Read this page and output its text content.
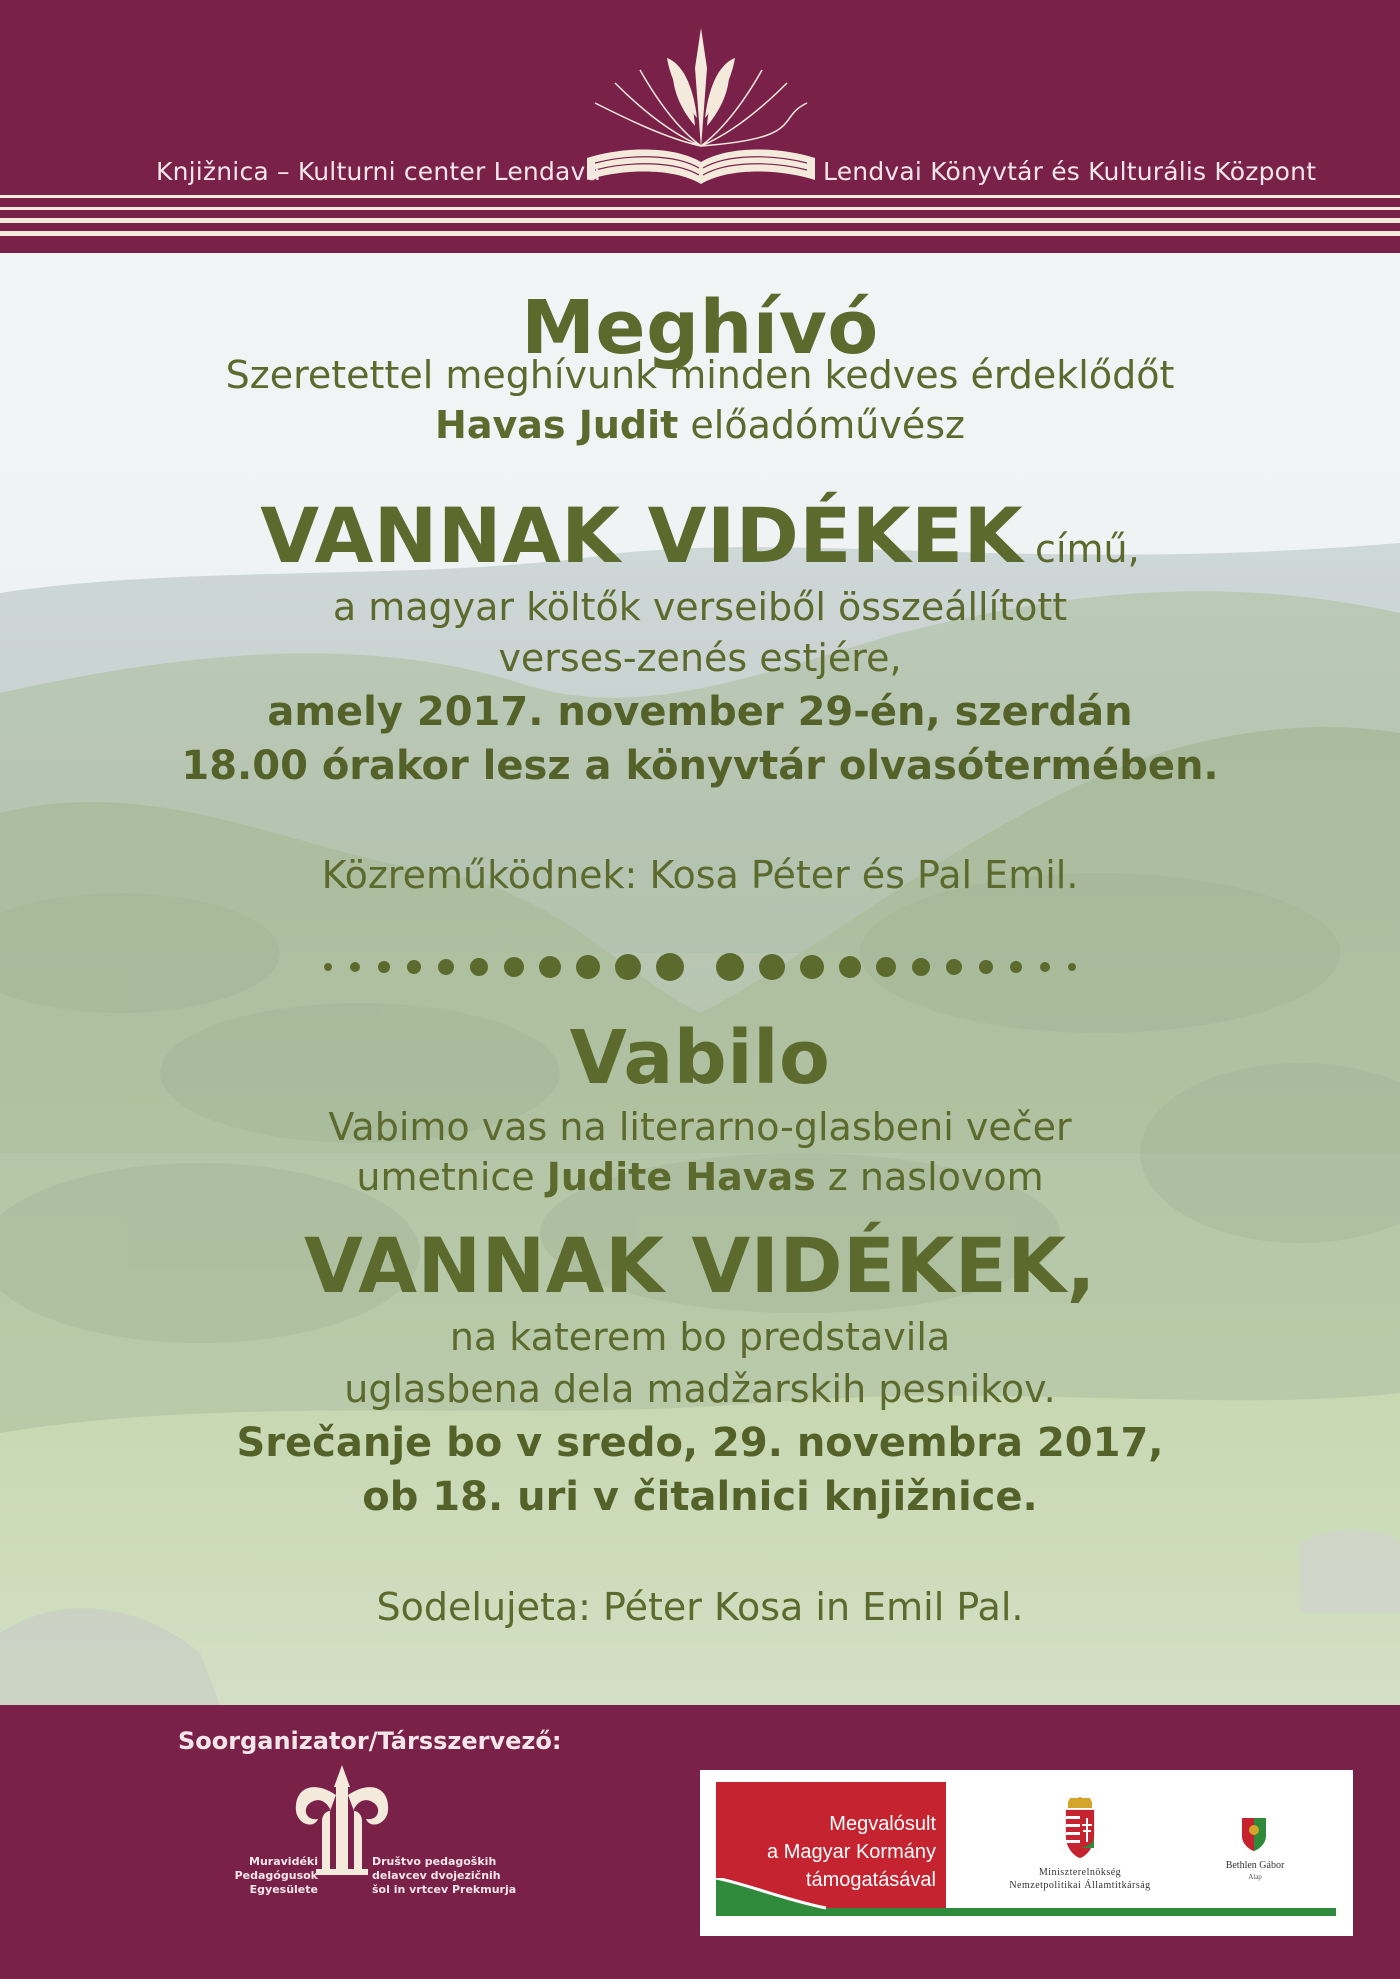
Knjižnica – Kulturni center Lendava	Lendvai Könyvtár és Kulturális Központ
Meghívó
Szeretettel meghívunk minden kedves érdeklődőt
Havas Judit előadóművész
VANNAK VIDÉKEK című,
a magyar költők verseiből összeállított
verses-zenés estjére,
amely 2017. november 29-én, szerdán
18.00 órakor lesz a könyvtár olvasótermében.
Közreműködnek: Kosa Péter és Pal Emil.
Vabilo
Vabimo vas na literarno-glasbeni večer
umetnice Judite Havas z naslovom
VANNAK VIDÉKEK,
na katerem bo predstavila
uglasbena dela madžarskih pesnikov.
Srečanje bo v sredo, 29. novembra 2017,
ob 18. uri v čitalnici knjižnice.
Sodelujeta: Péter Kosa in Emil Pal.
Soorganizator/Társszervező:
Muravidéki
Pedagógusok
Egyesülete
Društvo pedagoških
delavcev dvojezičnih
šol in vrtcev Prekmurja
Megvalósult
a Magyar Kormány
támogatásával	Miniszterelnökség
Nemzetpolitikai Államtitkárság
Bethlen Gábor
Alap
